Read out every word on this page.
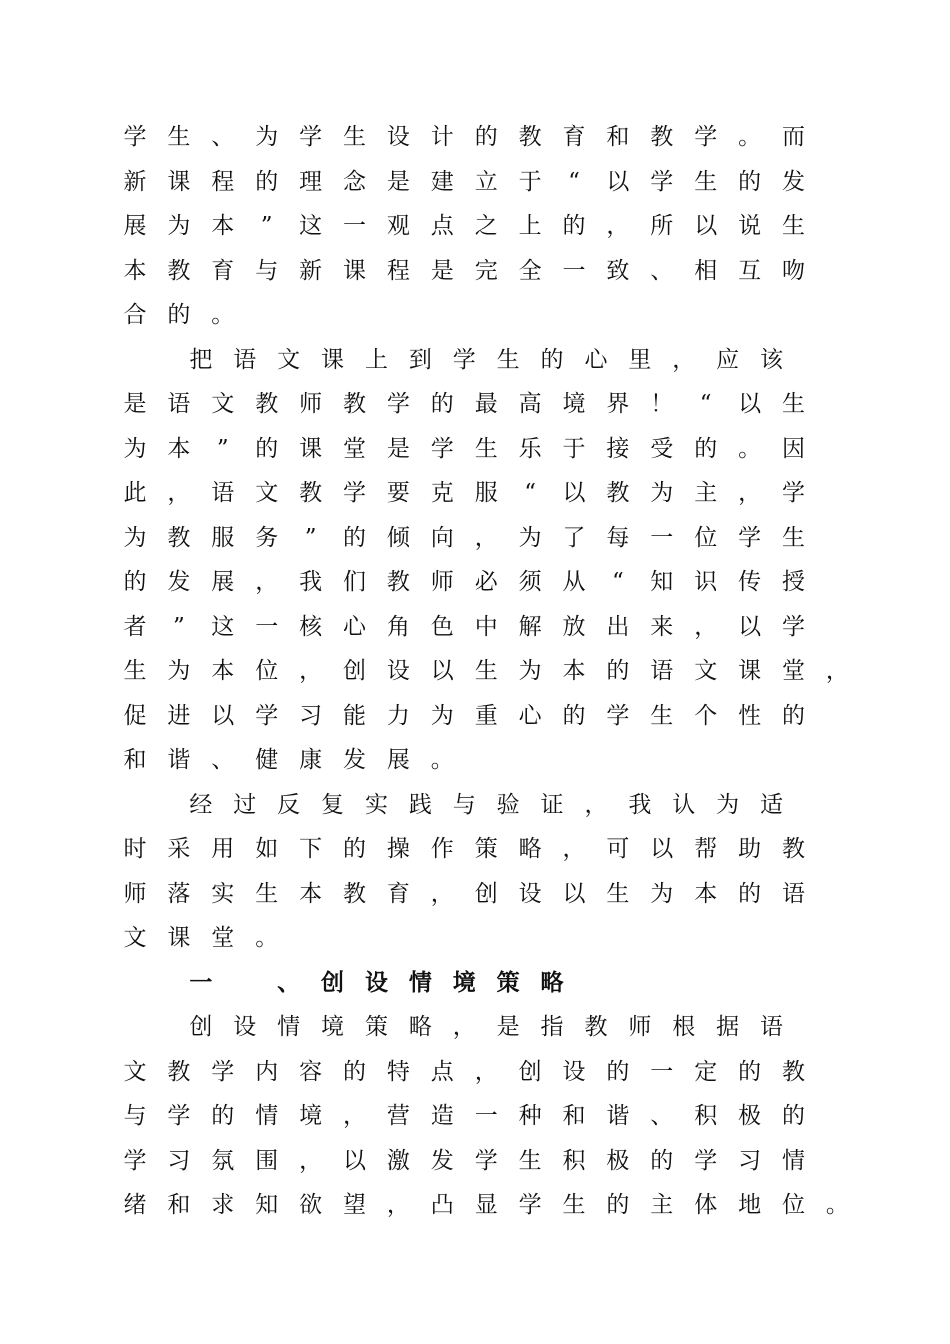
学 生 、 为 学 生 设 计 的 教 育 和 教 学 。 而
新 课 程 的 理 念 是 建 立 于	“	以 学 生 的 发
展 为 本	”	这 一 观 点 之 上 的 ， 所 以 说 生
本 教 育 与 新 课 程 是 完 全 一 致 、 相 互 吻
合 的 。
把 语 文 课 上 到 学 生 的 心 里 ， 应 该
是 语 文 教 师 教 学 的 最 高 境 界 ！	“	以 生
为 本	”	的 课 堂 是 学 生 乐 于 接 受 的 。 因
此 ， 语 文 教 学 要 克 服	“	以 教 为 主 ， 学
为 教 服 务	”	的 倾 向 ， 为 了 每 一 位 学 生
的 发 展 ， 我 们 教 师 必 须 从	“	知 识 传 授
者	”	这 一 核 心 角 色 中 解 放 出 来 ， 以 学
生 为 本 位 ， 创 设 以 生 为 本 的 语 文 课 堂 ，
促 进 以 学 习 能 力 为 重 心 的 学 生 个 性 的
和 谐 、 健 康 发 展 。
经 过 反 复 实 践 与 验 证 ， 我 认 为 适
时 采 用 如 下 的 操 作 策 略 ， 可 以 帮 助 教
师 落 实 生 本 教 育 ， 创 设 以 生 为 本 的 语
文 课 堂 。
一
	、 创 设 情 境 策 略
创 设 情 境 策 略 ， 是 指 教 师 根 据 语
文 教 学 内 容 的 特 点 ， 创 设 的 一 定 的 教
与 学 的 情 境 ， 营 造 一 种 和 谐 、 积 极 的
学 习 氛 围 ， 以 激 发 学 生 积 极 的 学 习 情
绪 和 求 知 欲 望 ， 凸 显 学 生 的 主 体 地 位 。
